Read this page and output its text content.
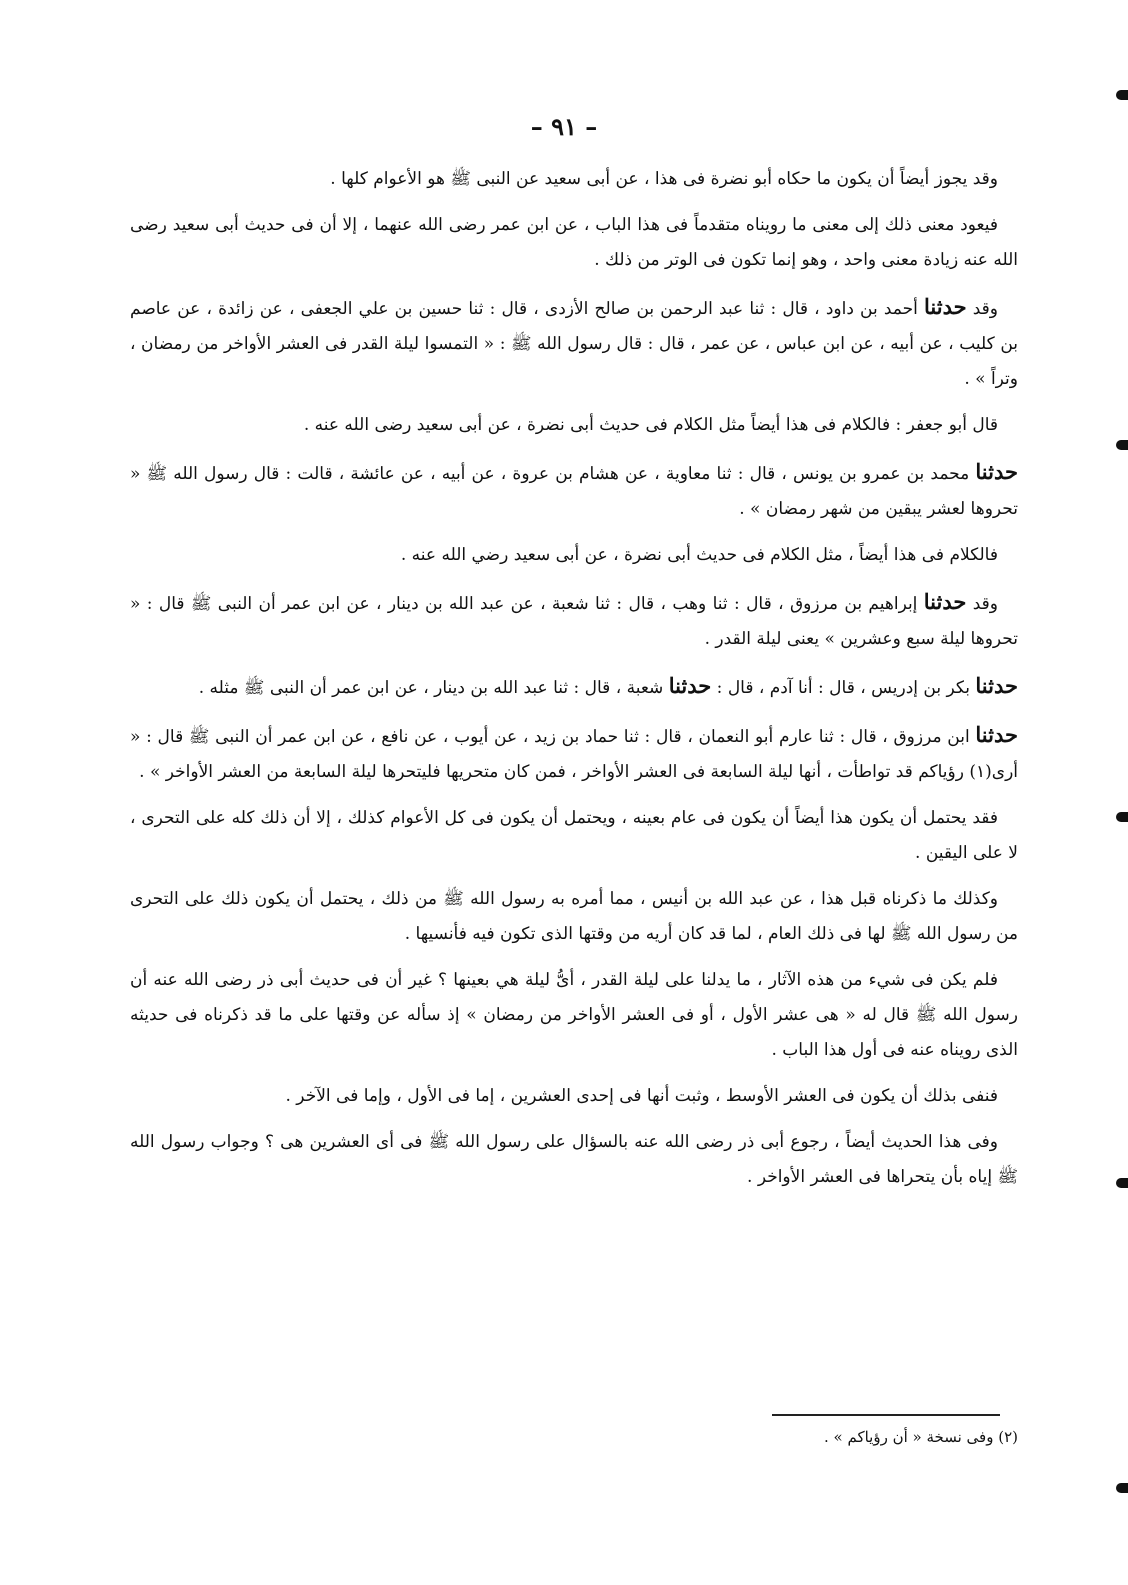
– ٩١ –

وقد يجوز أيضاً أن يكون ما حكاه أبو نضرة فى هذا ، عن أبى سعيد عن النبى ﷺ هو الأعوام كلها .

فيعود معنى ذلك إلى معنى ما رويناه متقدماً فى هذا الباب ، عن ابن عمر رضى الله عنهما ، إلا أن فى حديث أبى سعيد رضى الله عنه زيادة معنى واحد ، وهو إنما تكون فى الوتر من ذلك .

وقد حدثنا أحمد بن داود ، قال : ثنا عبد الرحمن بن صالح الأزدى ، قال : ثنا حسين بن علي الجعفى ، عن زائدة ، عن عاصم بن كليب ، عن أبيه ، عن ابن عباس ، عن عمر ، قال : قال رسول الله ﷺ : « التمسوا ليلة القدر فى العشر الأواخر من رمضان ، وتراً » .

قال أبو جعفر : فالكلام فى هذا أيضاً مثل الكلام فى حديث أبى نضرة ، عن أبى سعيد رضى الله عنه .

حدثنا محمد بن عمرو بن يونس ، قال : ثنا معاوية ، عن هشام بن عروة ، عن أبيه ، عن عائشة ، قالت : قال رسول الله ﷺ « تحروها لعشر يبقين من شهر رمضان » .

فالكلام فى هذا أيضاً ، مثل الكلام فى حديث أبى نضرة ، عن أبى سعيد رضي الله عنه .

وقد حدثنا إبراهيم بن مرزوق ، قال : ثنا وهب ، قال : ثنا شعبة ، عن عبد الله بن دينار ، عن ابن عمر أن النبى ﷺ قال : « تحروها ليلة سبع وعشرين » يعنى ليلة القدر .

حدثنا بكر بن إدريس ، قال : أنا آدم ، قال : حدثنا شعبة ، قال : ثنا عبد الله بن دينار ، عن ابن عمر أن النبى ﷺ مثله .

حدثنا ابن مرزوق ، قال : ثنا عارم أبو النعمان ، قال : ثنا حماد بن زيد ، عن أيوب ، عن نافع ، عن ابن عمر أن النبى ﷺ قال : « أرى(١) رؤياكم قد تواطأت ، أنها ليلة السابعة فى العشر الأواخر ، فمن كان متحريها فليتحرها ليلة السابعة من العشر الأواخر » .

فقد يحتمل أن يكون هذا أيضاً أن يكون فى عام بعينه ، ويحتمل أن يكون فى كل الأعوام كذلك ، إلا أن ذلك كله على التحرى ، لا على اليقين .

وكذلك ما ذكرناه قبل هذا ، عن عبد الله بن أنيس ، مما أمره به رسول الله ﷺ من ذلك ، يحتمل أن يكون ذلك على التحرى من رسول الله ﷺ لها فى ذلك العام ، لما قد كان أريه من وقتها الذى تكون فيه فأنسيها .

فلم يكن فى شيء من هذه الآثار ، ما يدلنا على ليلة القدر ، أىُّ ليلة هي بعينها ؟ غير أن فى حديث أبى ذر رضى الله عنه أن رسول الله ﷺ قال له « هى عشر الأول ، أو فى العشر الأواخر من رمضان » إذ سأله عن وقتها على ما قد ذكرناه فى حديثه الذى رويناه عنه فى أول هذا الباب .

فنفى بذلك أن يكون فى العشر الأوسط ، وثبت أنها فى إحدى العشرين ، إما فى الأول ، وإما فى الآخر .

وفى هذا الحديث أيضاً ، رجوع أبى ذر رضى الله عنه بالسؤال على رسول الله ﷺ فى أى العشرين هى ؟ وجواب رسول الله ﷺ إياه بأن يتحراها فى العشر الأواخر .

(٢) وفى نسخة « أن رؤياكم » .
